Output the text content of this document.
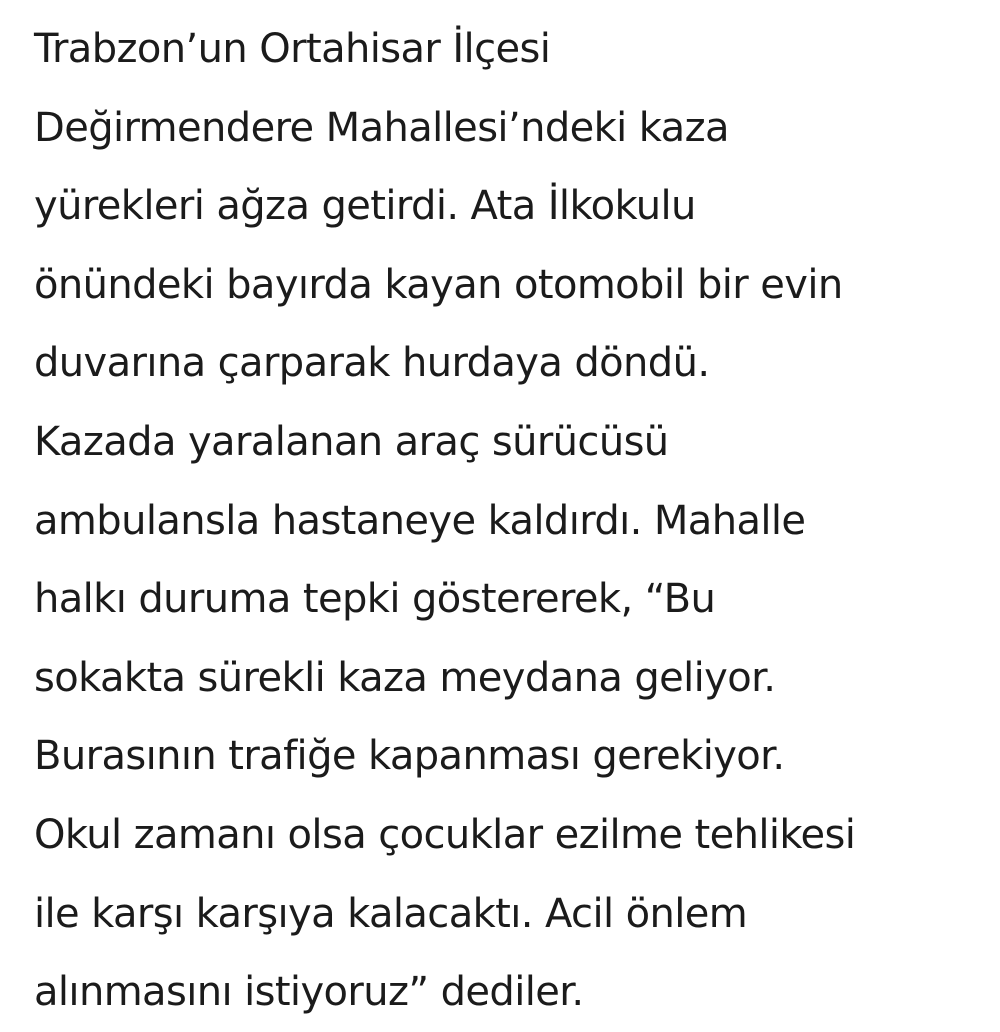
Trabzon’un Ortahisar İlçesi
Değirmendere Mahallesi’ndeki kaza
yürekleri ağza getirdi. Ata İlkokulu
önündeki bayırda kayan otomobil bir evin
duvarına çarparak hurdaya döndü.
Kazada yaralanan araç sürücüsü
ambulansla hastaneye kaldırdı. Mahalle
halkı duruma tepki göstererek, “Bu
sokakta sürekli kaza meydana geliyor.
Burasının trafiğe kapanması gerekiyor.
Okul zamanı olsa çocuklar ezilme tehlikesi
ile karşı karşıya kalacaktı. Acil önlem
alınmasını istiyoruz” dediler.
